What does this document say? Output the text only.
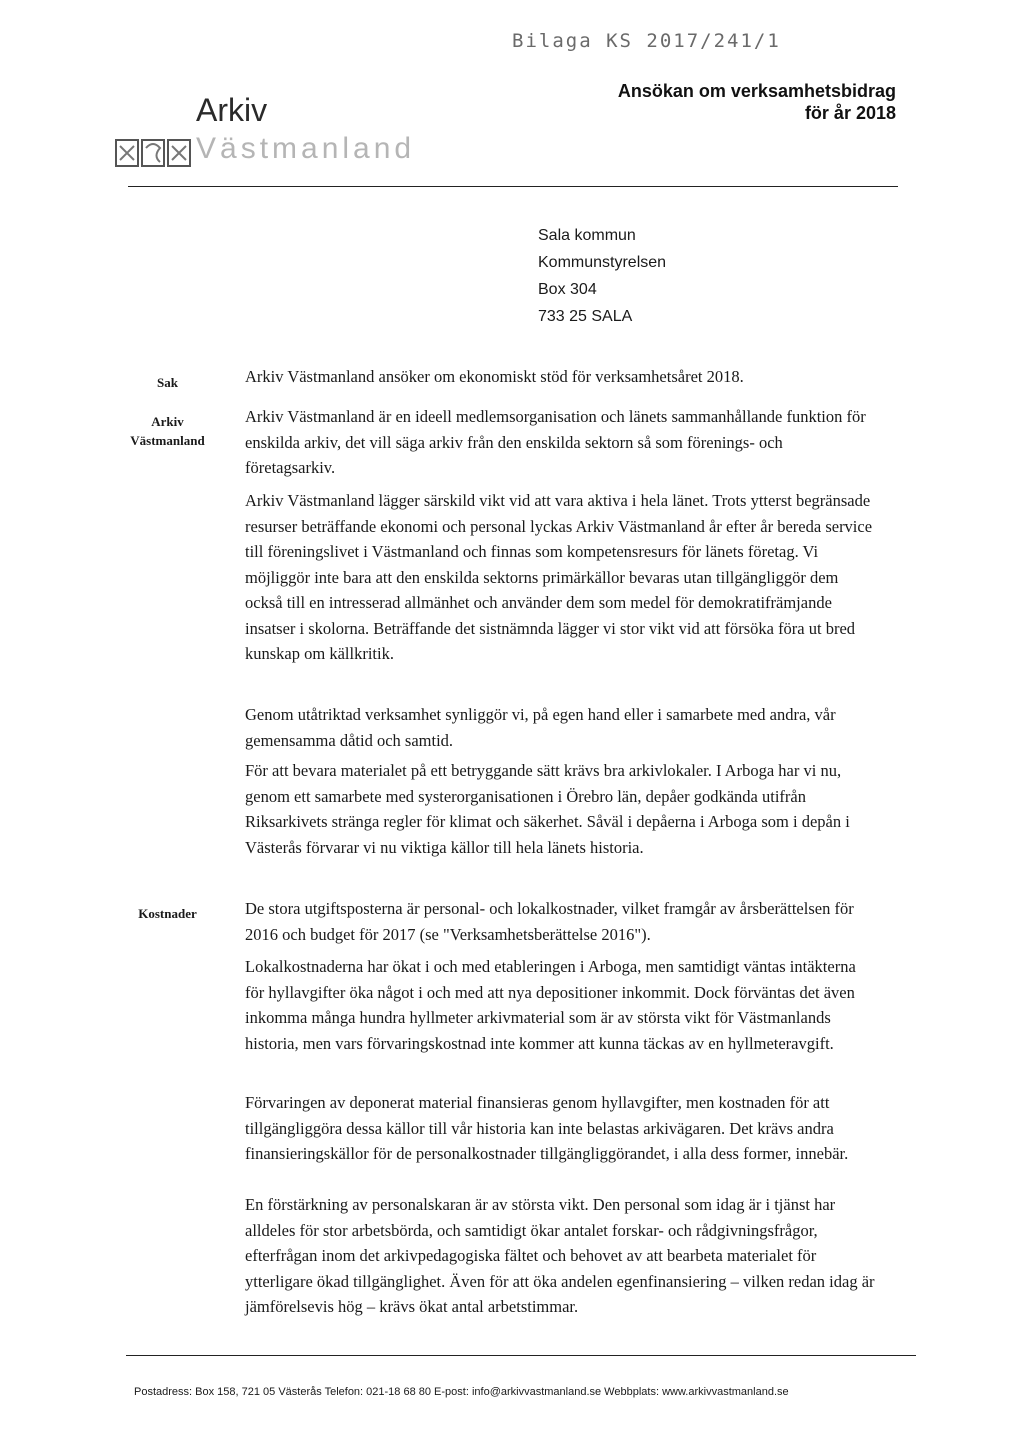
Bilaga KS 2017/241/1
Arkiv
Västmanland
Ansökan om verksamhetsbidrag
för år 2018
Sala kommun
Kommunstyrelsen
Box 304
733 25 SALA
Sak
Arkiv
Västmanland
Kostnader

Arkiv Västmanland ansöker om ekonomiskt stöd för verksamhetsåret 2018.

Arkiv Västmanland är en ideell medlemsorganisation och länets sammanhållande funktion för enskilda arkiv, det vill säga arkiv från den enskilda sektorn så som förenings- och företagsarkiv.

Arkiv Västmanland lägger särskild vikt vid att vara aktiva i hela länet. Trots ytterst begränsade resurser beträffande ekonomi och personal lyckas Arkiv Västmanland år efter år bereda service till föreningslivet i Västmanland och finnas som kompetensresurs för länets företag. Vi möjliggör inte bara att den enskilda sektorns primärkällor bevaras utan tillgängliggör dem också till en intresserad allmänhet och använder dem som medel för demokratifrämjande insatser i skolorna. Beträffande det sistnämnda lägger vi stor vikt vid att försöka föra ut bred kunskap om källkritik.

Genom utåtriktad verksamhet synliggör vi, på egen hand eller i samarbete med andra, vår gemensamma dåtid och samtid.

För att bevara materialet på ett betryggande sätt krävs bra arkivlokaler. I Arboga har vi nu, genom ett samarbete med systerorganisationen i Örebro län, depåer godkända utifrån Riksarkivets stränga regler för klimat och säkerhet. Såväl i depåerna i Arboga som i depån i Västerås förvarar vi nu viktiga källor till hela länets historia.

De stora utgiftsposterna är personal- och lokalkostnader, vilket framgår av årsberättelsen för 2016 och budget för 2017 (se "Verksamhetsberättelse 2016").

Lokalkostnaderna har ökat i och med etableringen i Arboga, men samtidigt väntas intäkterna för hyllavgifter öka något i och med att nya depositioner inkommit. Dock förväntas det även inkomma många hundra hyllmeter arkivmaterial som är av största vikt för Västmanlands historia, men vars förvaringskostnad inte kommer att kunna täckas av en hyllmeteravgift.

Förvaringen av deponerat material finansieras genom hyllavgifter, men kostnaden för att tillgängliggöra dessa källor till vår historia kan inte belastas arkivägaren. Det krävs andra finansieringskällor för de personalkostnader tillgängliggörandet, i alla dess former, innebär.

En förstärkning av personalskaran är av största vikt. Den personal som idag är i tjänst har alldeles för stor arbetsbörda, och samtidigt ökar antalet forskar- och rådgivningsfrågor, efterfrågan inom det arkivpedagogiska fältet och behovet av att bearbeta materialet för ytterligare ökad tillgänglighet. Även för att öka andelen egenfinansiering – vilken redan idag är jämförelsevis hög – krävs ökat antal arbetstimmar.

Postadress: Box 158, 721 05 Västerås Telefon: 021-18 68 80 E-post: info@arkivvastmanland.se Webbplats: www.arkivvastmanland.se
